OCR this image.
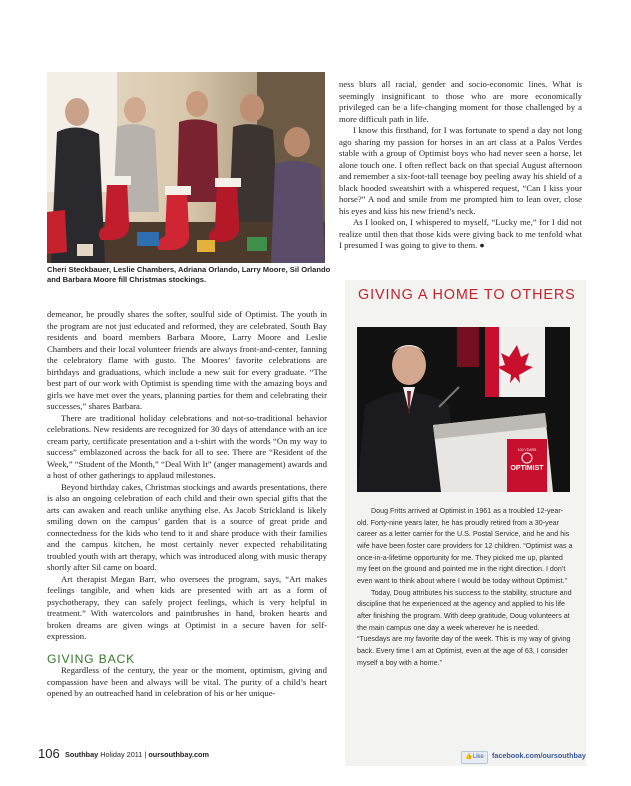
Cheri Steckbauer, Leslie Chambers, Adriana Orlando, Larry Moore, Sil Orlando and Barbara Moore fill Christmas stockings.

ness blurs all racial, gender and socio-economic lines. What is seemingly insignificant to those who are more economically privileged can be a life-changing moment for those challenged by a more difficult path in life.

I know this firsthand, for I was fortunate to spend a day not long ago sharing my passion for horses in an art class at a Palos Verdes stable with a group of Optimist boys who had never seen a horse, let alone touch one. I often reflect back on that special August afternoon and remember a six-foot-tall teenage boy peeling away his shield of a black hooded sweatshirt with a whispered request, “Can I kiss your horse?” A nod and smile from me prompted him to lean over, close his eyes and kiss his new friend’s neck.

As I looked on, I whispered to myself, “Lucky me,” for I did not realize until then that those kids were giving back to me tenfold what I presumed I was going to give to them. ●

demeanor, he proudly shares the softer, soulful side of Optimist. The youth in the program are not just educated and reformed, they are celebrated. South Bay residents and board members Barbara Moore, Larry Moore and Leslie Chambers and their local volunteer friends are always front-and-center, fanning the celebratory flame with gusto. The Moores’ favorite celebrations are birthdays and graduations, which include a new suit for every graduate. “The best part of our work with Optimist is spending time with the amazing boys and girls we have met over the years, planning parties for them and celebrating their successes,” shares Barbara.

There are traditional holiday celebrations and not-so-traditional behavior celebrations. New residents are recognized for 30 days of attendance with an ice cream party, certificate presentation and a t-shirt with the words “On my way to success” emblazoned across the back for all to see. There are “Resident of the Week,” “Student of the Month,” “Deal With It” (anger management) awards and a host of other gatherings to applaud milestones.

Beyond birthday cakes, Christmas stockings and awards presentations, there is also an ongoing celebration of each child and their own special gifts that the arts can awaken and reach unlike anything else. As Jacob Strickland is likely smiling down on the campus’ garden that is a source of great pride and connectedness for the kids who tend to it and share produce with their families and the campus kitchen, he most certainly never expected rehabilitating troubled youth with art therapy, which was introduced along with music therapy shortly after Sil came on board.

Art therapist Megan Barr, who oversees the program, says, “Art makes feelings tangible, and when kids are presented with art as a form of psychotherapy, they can safely project feelings, which is very helpful in treatment.” With watercolors and paintbrushes in hand, broken hearts and broken dreams are given wings at Optimist in a secure haven for self-expression.

GIVING BACK

Regardless of the century, the year or the moment, optimism, giving and compassion have been and always will be vital. The purity of a child’s heart opened by an outreached hand in celebration of his or her unique-

GIVING A HOME TO OTHERS
OPTIMIST
100 YEARS

Doug Fritts arrived at Optimist in 1961 as a troubled 12-year-old. Forty-nine years later, he has proudly retired from a 30-year career as a letter carrier for the U.S. Postal Service, and he and his wife have been foster care providers for 12 children. “Optimist was a once-in-a-lifetime opportunity for me. They picked me up, planted my feet on the ground and pointed me in the right direction. I don’t even want to think about where I would be today without Optimist.”

Today, Doug attributes his success to the stability, structure and discipline that he experienced at the agency and applied to his life after finishing the program. With deep gratitude, Doug volunteers at the main campus one day a week wherever he is needed. “Tuesdays are my favorite day of the week. This is my way of giving back. Every time I am at Optimist, even at the age of 63, I consider myself a boy with a home.”

106 Southbay Holiday 2011 | oursouthbay.com	👍Like	facebook.com/oursouthbay
